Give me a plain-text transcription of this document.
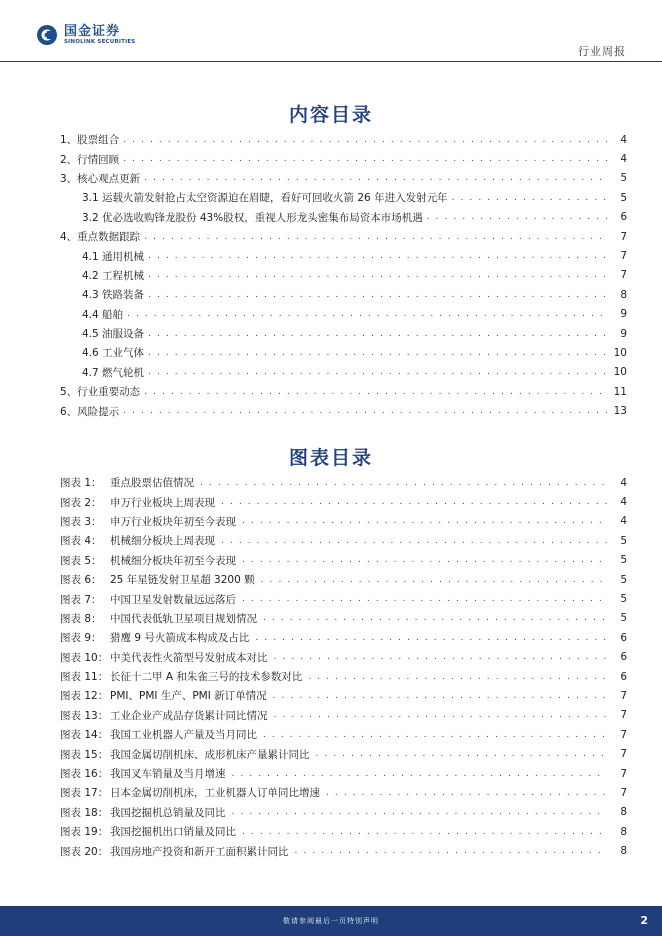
国金证券
SINOLINK SECURITIES
行业周报
内容目录
1、股票组合 . . .	4
2、行情回顾 . . .	4
3、核心观点更新 . . .	5
3.1 运载火箭发射抢占太空资源迫在眉睫，看好可回收火箭 26 年进入发射元年 . . .	5
3.2 优必选收购锋龙股份 43%股权，重视人形龙头密集布局资本市场机遇 . . .	6
4、重点数据跟踪 . . .	7
4.1 通用机械 . . .	7
4.2 工程机械 . . .	7
4.3 铁路装备 . . .	8
4.4 船舶 . . .	9
4.5 油服设备 . . .	9
4.6 工业气体 . . .	10
4.7 燃气轮机 . . .	10
5、行业重要动态 . . .	11
6、风险提示 . . .	13
图表目录
图表 1： 重点股票估值情况 . . .	4
图表 2： 申万行业板块上周表现 . . .	4
图表 3： 申万行业板块年初至今表现 . . .	4
图表 4： 机械细分板块上周表现 . . .	5
图表 5： 机械细分板块年初至今表现 . . .	5
图表 6： 25 年星链发射卫星超 3200 颗 . . .	5
图表 7： 中国卫星发射数量远远落后 . . .	5
图表 8： 中国代表低轨卫星项目规划情况 . . .	5
图表 9： 猎鹰 9 号火箭成本构成及占比 . . .	6
图表 10： 中美代表性火箭型号发射成本对比 . . .	6
图表 11： 长征十二甲 A 和朱雀三号的技术参数对比 . . .	6
图表 12： PMI、PMI 生产、PMI 新订单情况 . . .	7
图表 13： 工业企业产成品存货累计同比情况 . . .	7
图表 14： 我国工业机器人产量及当月同比 . . .	7
图表 15： 我国金属切削机床、成形机床产量累计同比 . . .	7
图表 16： 我国叉车销量及当月增速 . . .	7
图表 17： 日本金属切削机床，工业机器人订单同比增速 . . .	7
图表 18： 我国挖掘机总销量及同比 . . .	8
图表 19： 我国挖掘机出口销量及同比 . . .	8
图表 20： 我国房地产投资和新开工面积累计同比 . . .	8
敬请参阅最后一页特别声明	2
